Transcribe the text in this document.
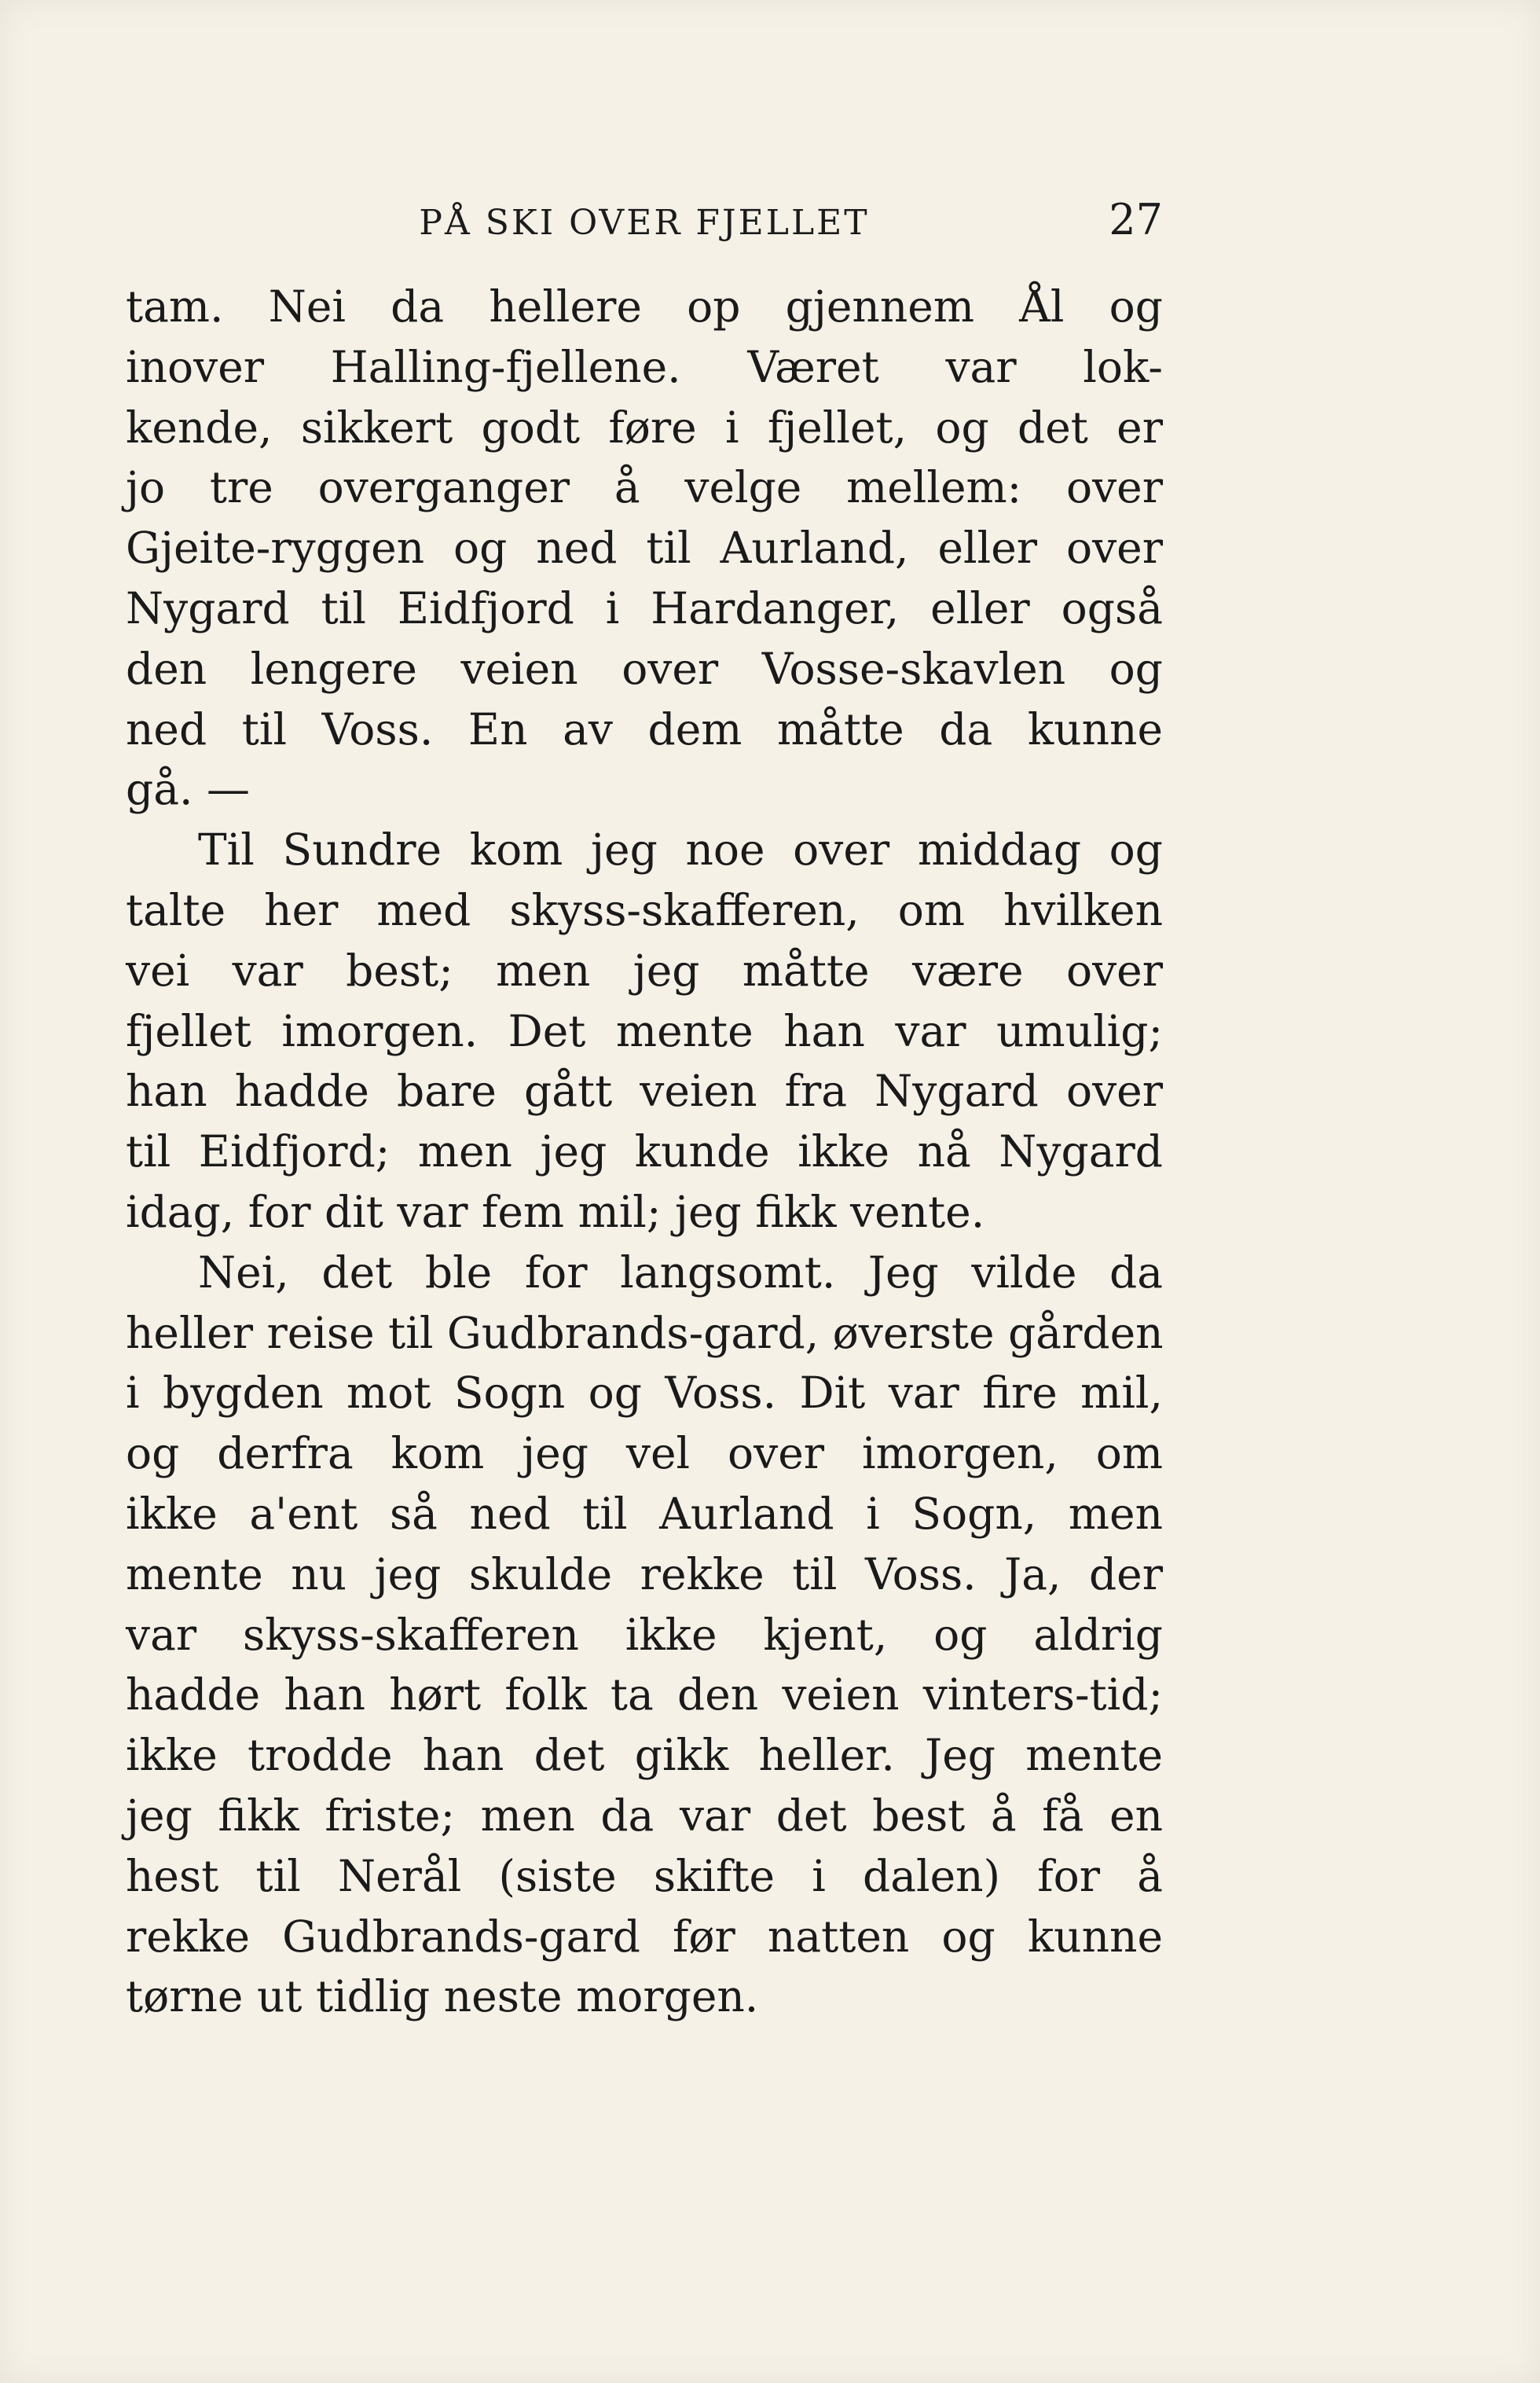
PÅ SKI OVER FJELLET	27
tam. Nei da hellere op gjennem Ål og
inover Halling-fjellene. Været var lok-
kende, sikkert godt føre i fjellet, og det er
jo tre overganger å velge mellem: over
Gjeite-ryggen og ned til Aurland, eller over
Nygard til Eidfjord i Hardanger, eller også
den lengere veien over Vosse-skavlen og
ned til Voss. En av dem måtte da kunne
gå. —
Til Sundre kom jeg noe over middag og
talte her med skyss-skafferen, om hvilken
vei var best; men jeg måtte være over
fjellet imorgen. Det mente han var umulig;
han hadde bare gått veien fra Nygard over
til Eidfjord; men jeg kunde ikke nå Nygard
idag, for dit var fem mil; jeg fikk vente.
Nei, det ble for langsomt. Jeg vilde da
heller reise til Gudbrands-gard, øverste gården
i bygden mot Sogn og Voss. Dit var fire mil,
og derfra kom jeg vel over imorgen, om
ikke a'ent så ned til Aurland i Sogn, men
mente nu jeg skulde rekke til Voss. Ja, der
var skyss-skafferen ikke kjent, og aldrig
hadde han hørt folk ta den veien vinters-tid;
ikke trodde han det gikk heller. Jeg mente
jeg fikk friste; men da var det best å få en
hest til Nerål (siste skifte i dalen) for å
rekke Gudbrands-gard før natten og kunne
tørne ut tidlig neste morgen.
